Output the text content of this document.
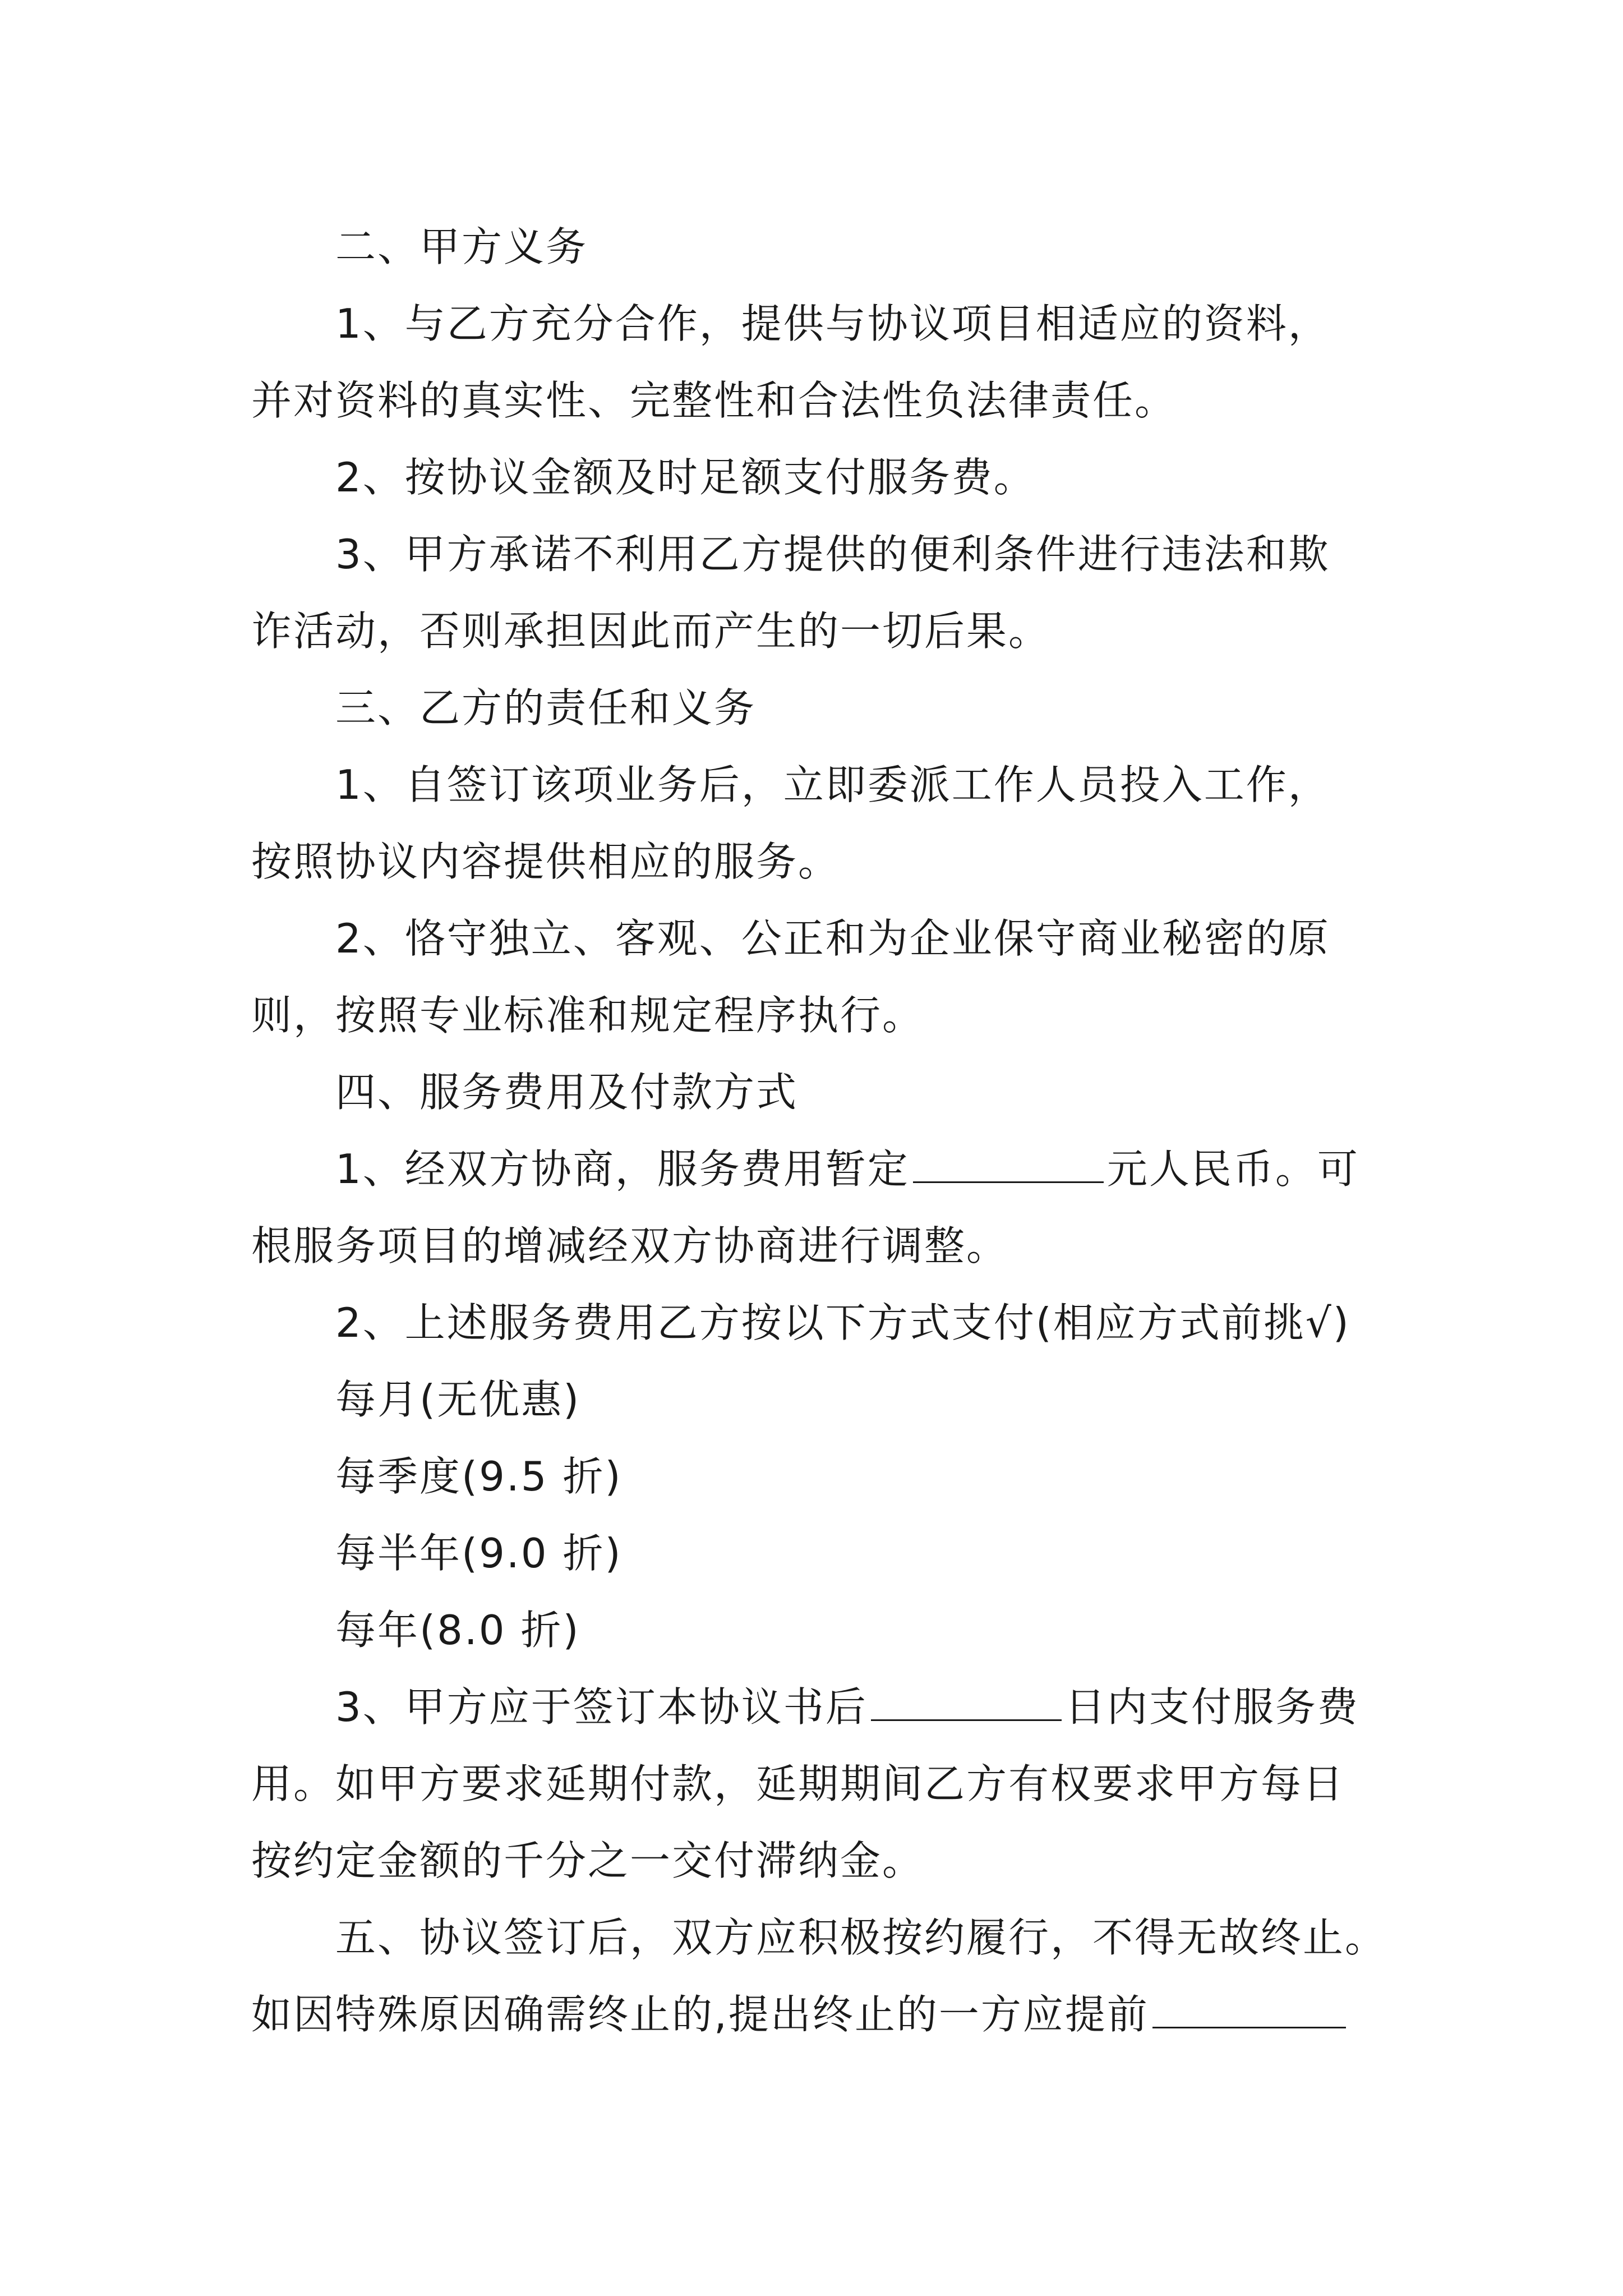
二、甲方义务
1、与乙方充分合作，提供与协议项目相适应的资料，
并对资料的真实性、完整性和合法性负法律责任。
2、按协议金额及时足额支付服务费。
3、甲方承诺不利用乙方提供的便利条件进行违法和欺
诈活动，否则承担因此而产生的一切后果。
三、乙方的责任和义务
1、自签订该项业务后，立即委派工作人员投入工作，
按照协议内容提供相应的服务。
2、恪守独立、客观、公正和为企业保守商业秘密的原
则，按照专业标准和规定程序执行。
四、服务费用及付款方式
1、经双方协商，服务费用暂定	元人民币。可
根服务项目的增减经双方协商进行调整。
2、上述服务费用乙方按以下方式支付(相应方式前挑√)
每月(无优惠)
每季度(9.5 折)
每半年(9.0 折)
每年(8.0 折)
3、甲方应于签订本协议书后	日内支付服务费
用。如甲方要求延期付款，延期期间乙方有权要求甲方每日
按约定金额的千分之一交付滞纳金。
五、协议签订后，双方应积极按约履行，不得无故终止。
如因特殊原因确需终止的,提出终止的一方应提前
